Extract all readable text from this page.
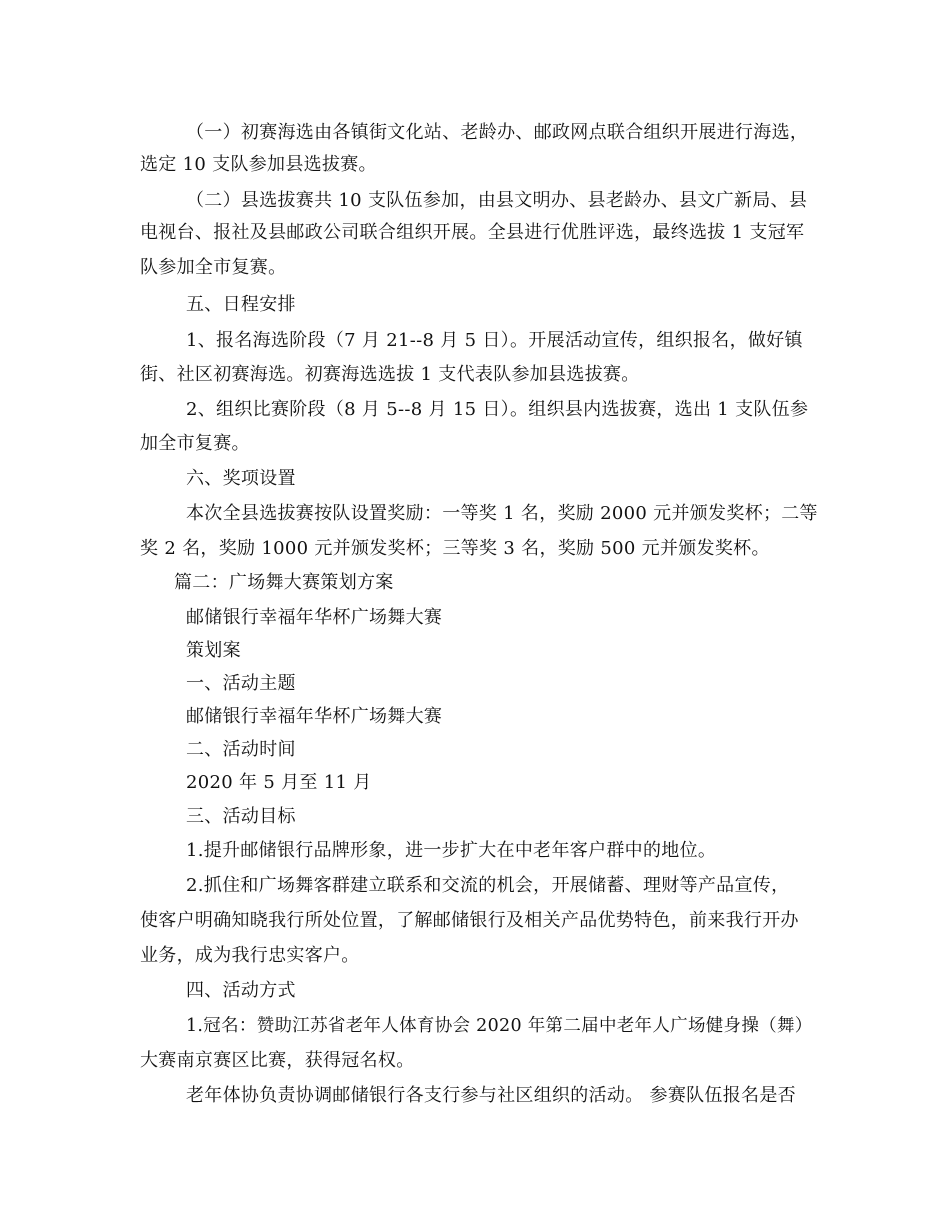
（一）初赛海选由各镇街文化站、老龄办、邮政网点联合组织开展进行海选，
选定 10 支队参加县选拔赛。
（二）县选拔赛共 10 支队伍参加，由县文明办、县老龄办、县文广新局、县
电视台、报社及县邮政公司联合组织开展。全县进行优胜评选，最终选拔 1 支冠军
队参加全市复赛。
五、日程安排
1、报名海选阶段（7 月 21--8 月 5 日）。开展活动宣传，组织报名，做好镇
街、社区初赛海选。初赛海选选拔 1 支代表队参加县选拔赛。
2、组织比赛阶段（8 月 5--8 月 15 日）。组织县内选拔赛，选出 1 支队伍参
加全市复赛。
六、奖项设置
本次全县选拔赛按队设置奖励：一等奖 1 名，奖励 2000 元并颁发奖杯；二等
奖 2 名，奖励 1000 元并颁发奖杯；三等奖 3 名，奖励 500 元并颁发奖杯。
篇二：广场舞大赛策划方案
邮储银行幸福年华杯广场舞大赛
策划案
一、活动主题
邮储银行幸福年华杯广场舞大赛
二、活动时间
2020 年 5 月至 11 月
三、活动目标
1.提升邮储银行品牌形象，进一步扩大在中老年客户群中的地位。
2.抓住和广场舞客群建立联系和交流的机会，开展储蓄、理财等产品宣传，
使客户明确知晓我行所处位置，了解邮储银行及相关产品优势特色，前来我行开办
业务，成为我行忠实客户。
四、活动方式
1.冠名：赞助江苏省老年人体育协会 2020 年第二届中老年人广场健身操（舞）
大赛南京赛区比赛，获得冠名权。
老年体协负责协调邮储银行各支行参与社区组织的活动。 参赛队伍报名是否
